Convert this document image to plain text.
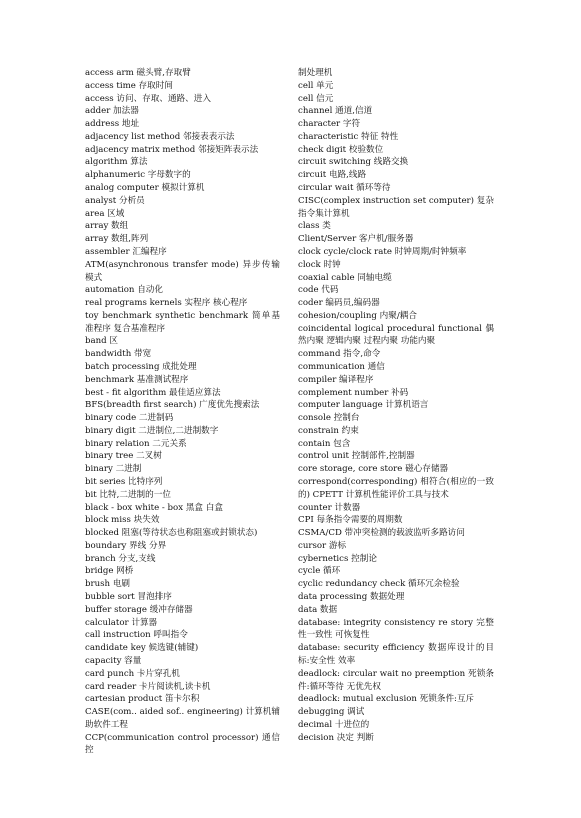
access arm 磁头臂,存取臂

access time 存取时间

access 访问、存取、通路、进入

adder 加法器

address 地址

adjacency list method 邻接表表示法

adjacency matrix method 邻接矩阵表示法

algorithm 算法

alphanumeric 字母数字的

analog computer 模拟计算机

analyst 分析员

area 区域

array 数组

array 数组,阵列

assembler 汇编程序

ATM(asynchronous transfer mode) 异步传输模式

automation 自动化

real programs kernels 实程序 核心程序

toy benchmark synthetic benchmark 简单基准程序 复合基准程序

band 区

bandwidth 带宽

batch processing 成批处理

benchmark 基准测试程序

best - fit algorithm 最佳适应算法

BFS(breadth first search) 广度优先搜索法

binary code 二进制码

binary digit 二进制位,二进制数字

binary relation 二元关系

binary tree 二叉树

binary 二进制

bit series 比特序列

bit 比特,二进制的一位

black - box white - box 黑盒 白盒

block miss 块失效

blocked 阻塞(等待状态也称阻塞或封锁状态)

boundary 界线 分界

branch 分支,支线

bridge 网桥

brush 电刷

bubble sort 冒泡排序

buffer storage 缓冲存储器

calculator 计算器

call instruction 呼叫指令

candidate key 候选键(辅键)

capacity 容量

card punch 卡片穿孔机

card reader 卡片阅读机,读卡机

cartesian product 笛卡尔积

CASE(com.. aided sof.. engineering) 计算机辅助软件工程

CCP(communication control processor) 通信控

制处理机

cell 单元

cell 信元

channel 通道,信道

character 字符

characteristic 特征 特性

check digit 校验数位

circuit switching 线路交换

circuit 电路,线路

circular wait 循环等待

CISC(complex instruction set computer) 复杂指令集计算机

class 类

Client/Server 客户机/服务器

clock cycle/clock rate 时钟周期/时钟频率

clock 时钟

coaxial cable 同轴电缆

code 代码

coder 编码员,编码器

cohesion/coupling 内聚/耦合

coincidental logical procedural functional 偶然内聚 逻辑内聚 过程内聚 功能内聚

command 指令,命令

communication 通信

compiler 编译程序

complement number 补码

computer language 计算机语言

console 控制台

constrain 约束

contain 包含

control unit 控制部件,控制器

core storage, core store 磁心存储器

correspond(corresponding) 相符合(相应的一致的) CPETT 计算机性能评价工具与技术

counter 计数器

CPI 每条指令需要的周期数

CSMA/CD 带冲突检测的载波监听多路访问

cursor 游标

cybernetics 控制论

cycle 循环

cyclic redundancy check 循环冗余检验

data processing 数据处理

data 数据

database: integrity consistency re story 完整性一致性 可恢复性

database: security efficiency 数据库设计的目标:安全性 效率

deadlock: circular wait no preemption 死锁条件:循环等待 无优先权

deadlock: mutual exclusion 死锁条件:互斥

debugging 调试

decimal 十进位的

decision 决定 判断
